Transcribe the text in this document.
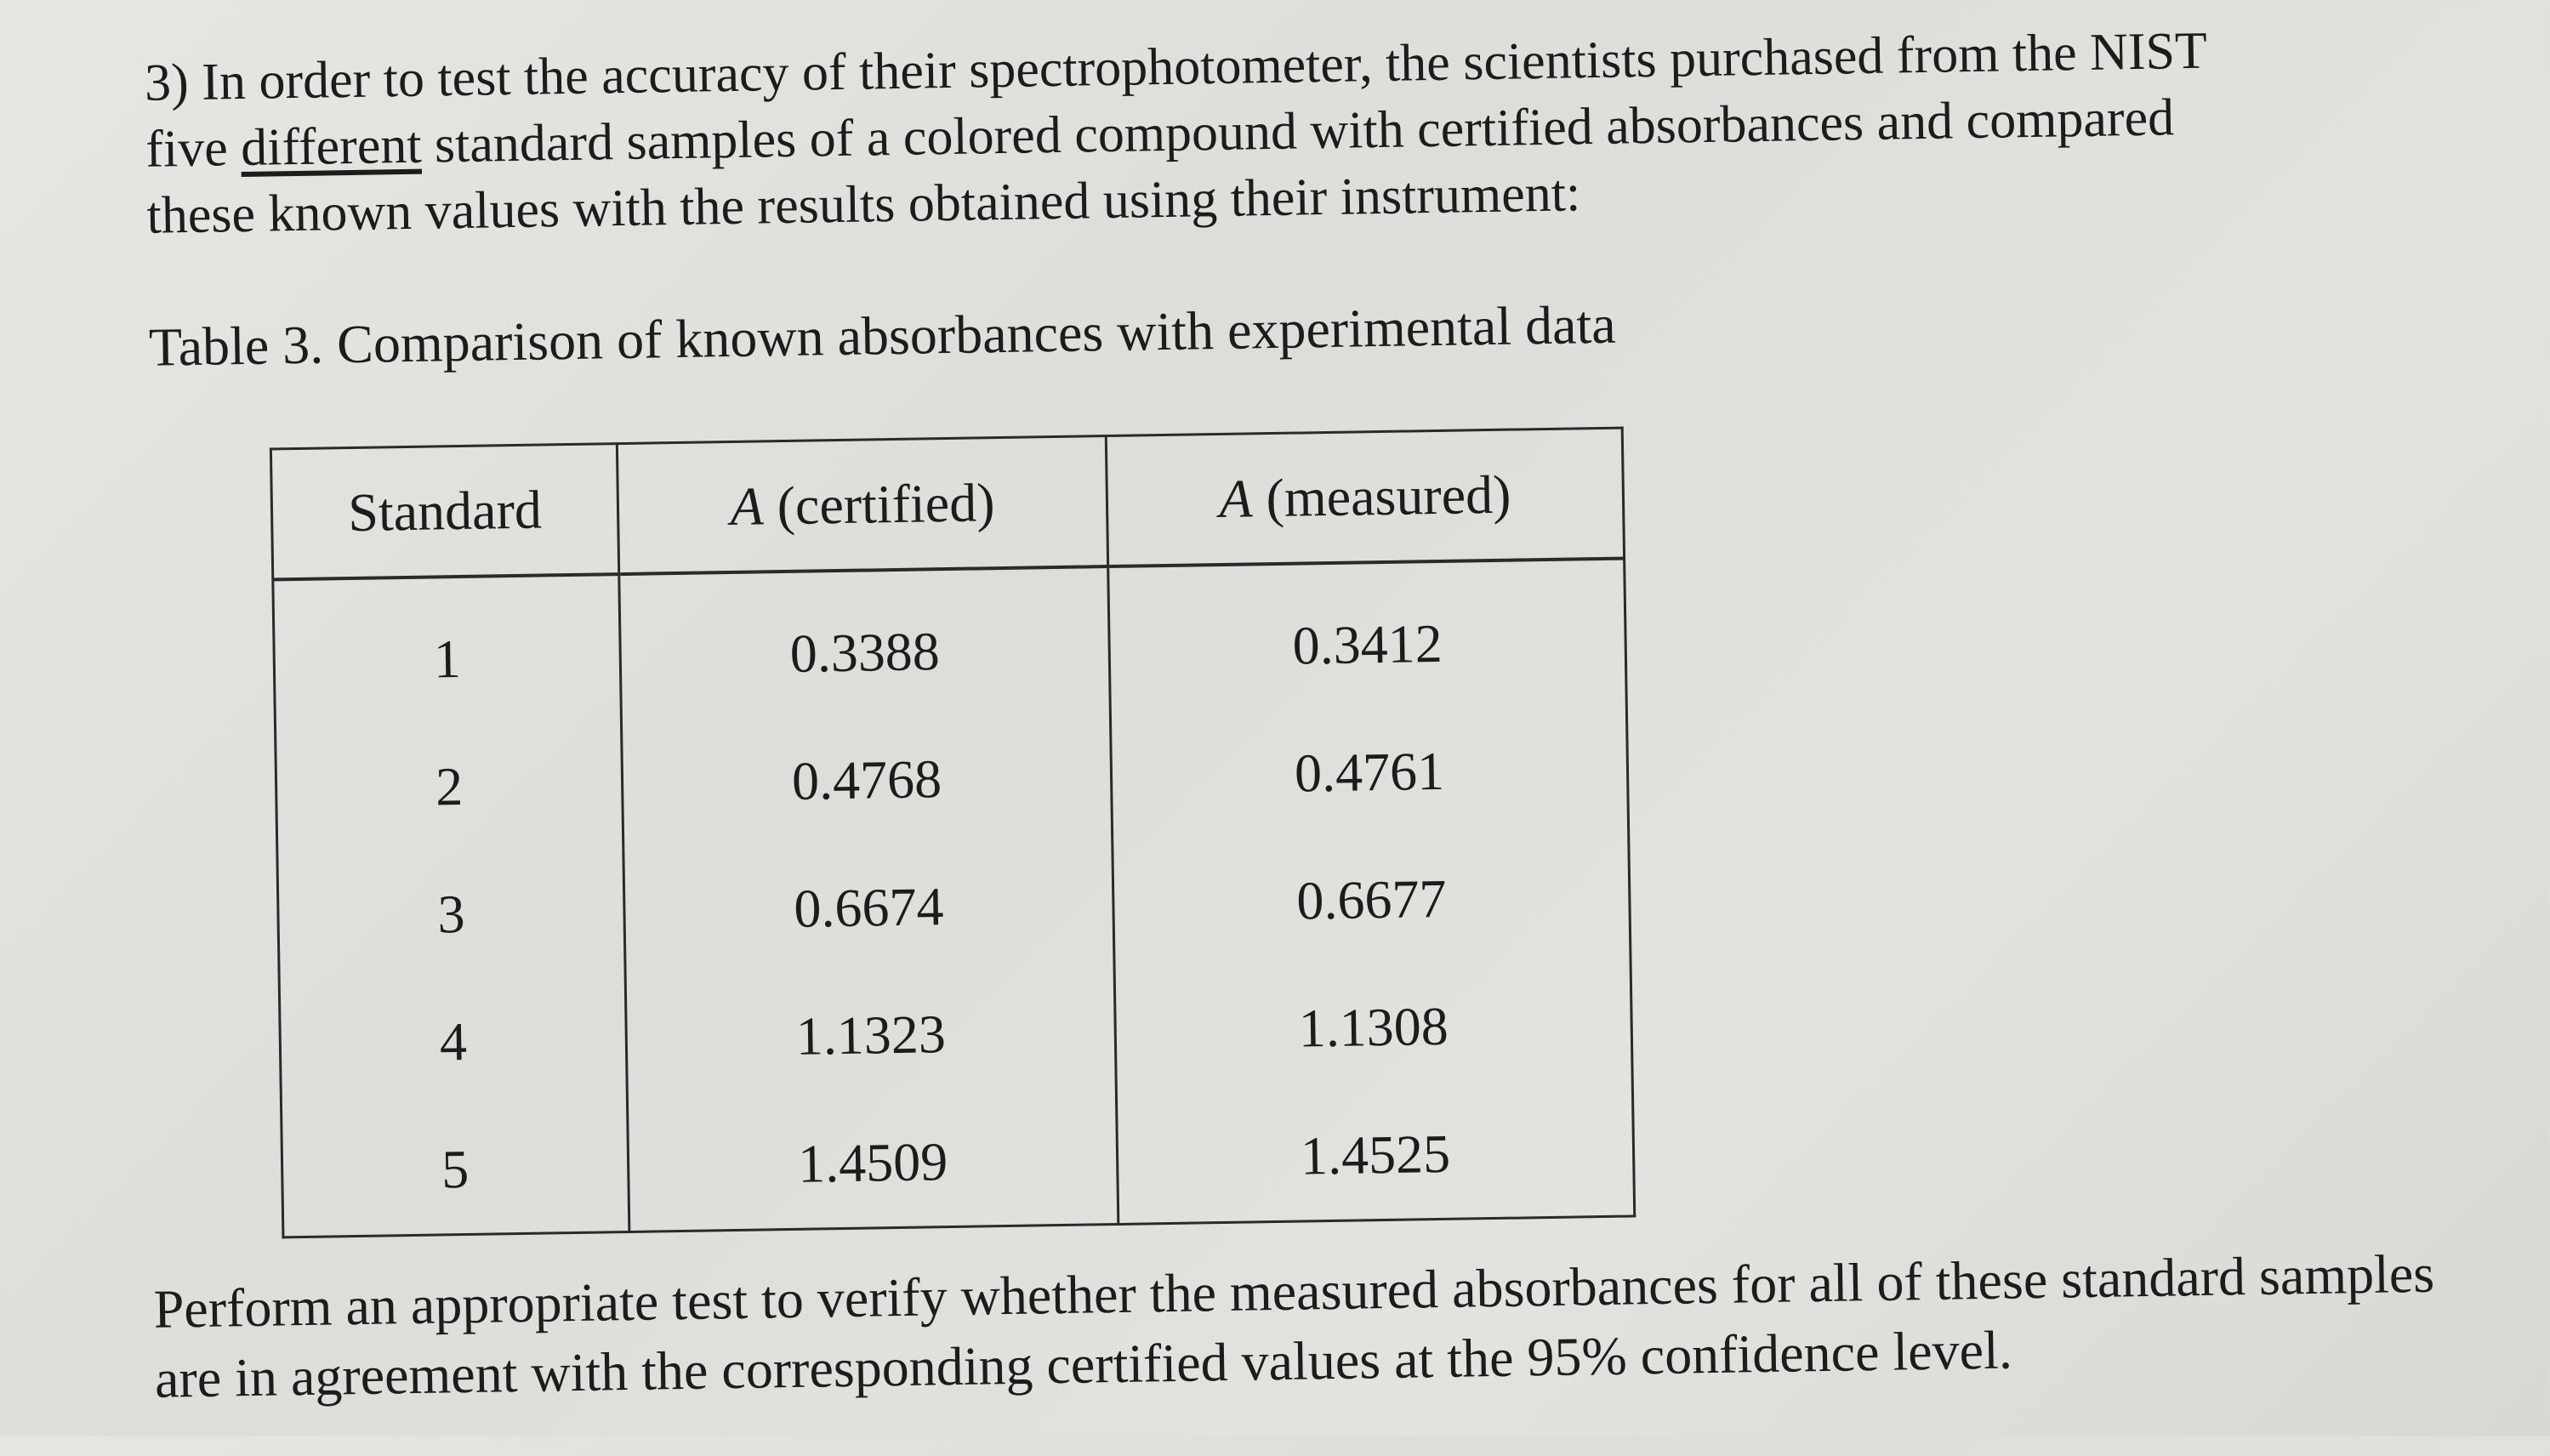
3) In order to test the accuracy of their spectrophotometer, the scientists purchased from the NIST five different standard samples of a colored compound with certified absorbances and compared these known values with the results obtained using their instrument:

Table 3. Comparison of known absorbances with experimental data

Standard	A (certified)	A (measured)
1	0.3388	0.3412
2	0.4768	0.4761
3	0.6674	0.6677
4	1.1323	1.1308
5	1.4509	1.4525

Perform an appropriate test to verify whether the measured absorbances for all of these standard samples are in agreement with the corresponding certified values at the 95% confidence level.
